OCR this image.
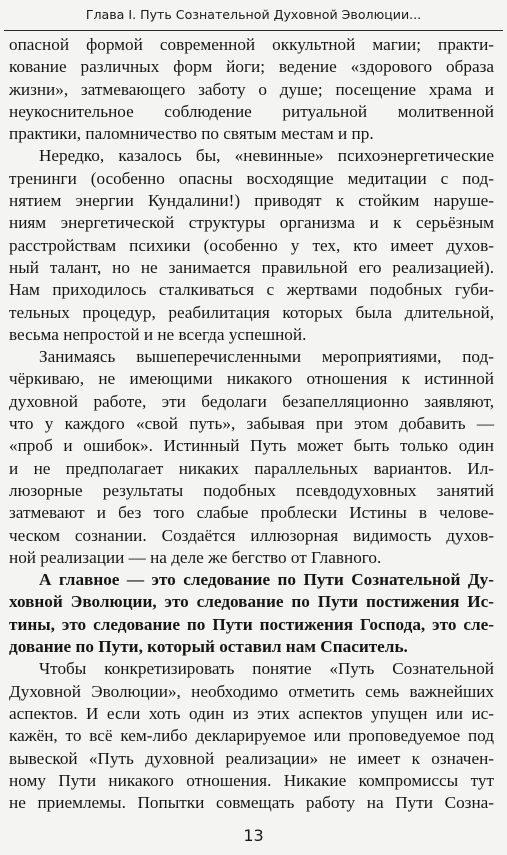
Глава I. Путь Сознательной Духовной Эволюции...
опасной формой современной оккультной магии; практи-
кование различных форм йоги; ведение «здорового образа
жизни», затмевающего заботу о душе; посещение храма и
неукоснительное соблюдение ритуальной молитвенной
практики, паломничество по святым местам и пр.
Нередко, казалось бы, «невинные» психоэнергетические
тренинги (особенно опасны восходящие медитации с под-
нятием энергии Кундалини!) приводят к стойким наруше-
ниям энергетической структуры организма и к серьёзным
расстройствам психики (особенно у тех, кто имеет духов-
ный талант, но не занимается правильной его реализацией).
Нам приходилось сталкиваться с жертвами подобных губи-
тельных процедур, реабилитация которых была длительной,
весьма непростой и не всегда успешной.
Занимаясь вышеперечисленными мероприятиями, под-
чёркиваю, не имеющими никакого отношения к истинной
духовной работе, эти бедолаги безапелляционно заявляют,
что у каждого «свой путь», забывая при этом добавить —
«проб и ошибок». Истинный Путь может быть только один
и не предполагает никаких параллельных вариантов. Ил-
люзорные результаты подобных псевдодуховных занятий
затмевают и без того слабые проблески Истины в челове-
ческом сознании. Создаётся иллюзорная видимость духов-
ной реализации — на деле же бегство от Главного.
А главное — это следование по Пути Сознательной Ду-
ховной Эволюции, это следование по Пути постижения Ис-
тины, это следование по Пути постижения Господа, это сле-
дование по Пути, который оставил нам Спаситель.
Чтобы конкретизировать понятие «Путь Сознательной
Духовной Эволюции», необходимо отметить семь важнейших
аспектов. И если хоть один из этих аспектов упущен или ис-
кажён, то всё кем-либо декларируемое или проповедуемое под
вывеской «Путь духовной реализации» не имеет к означен-
ному Пути никакого отношения. Никакие компромиссы тут
не приемлемы. Попытки совмещать работу на Пути Созна-
13
